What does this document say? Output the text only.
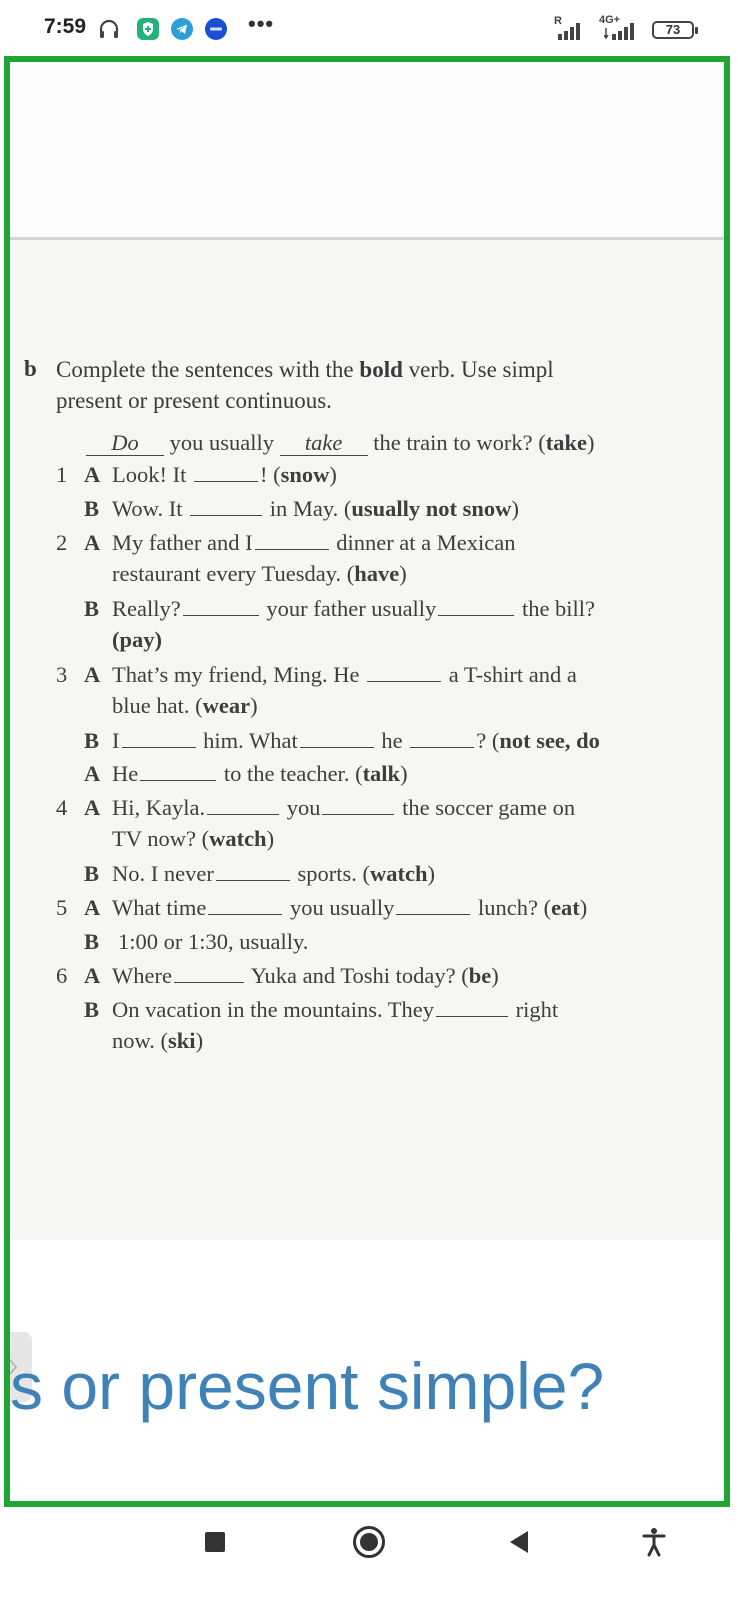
7:59	•••	R	4G+
73
b Complete the sentences with the bold verb. Use simpl
present or present continuous.
Do you usually take the train to work? (take)
1 A Look! It	! (snow)
B Wow. It	in May. (usually not snow)
2 A My father and I	dinner at a Mexican
restaurant every Tuesday. (have)
B Really?	your father usually	the bill?
(pay)
3 A That’s my friend, Ming. He	a T-shirt and a
blue hat. (wear)
B I	him. What	he	? (not see, do
A He	to the teacher. (talk)
4 A Hi, Kayla.	you	the soccer game on
TV now? (watch)
B No. I never	sports. (watch)
5 A What time	you usually	lunch? (eat)
B 1:00 or 1:30, usually.
6 A Where	Yuka and Toshi today? (be)
B On vacation in the mountains. They	right
now. (ski)
s or present simple?
